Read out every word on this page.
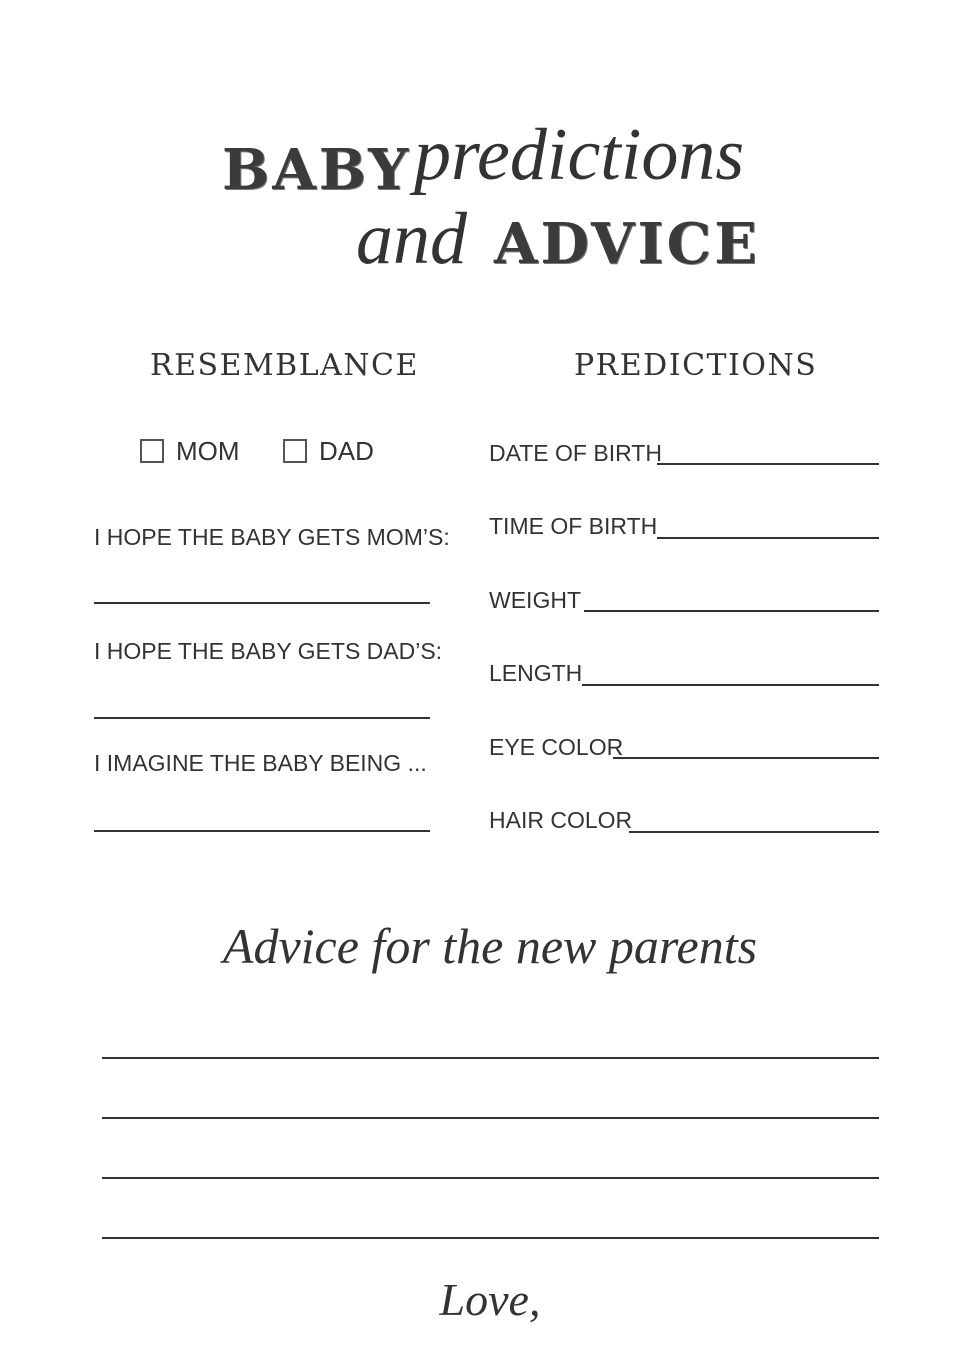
BABY predictions
and ADVICE
RESEMBLANCE	PREDICTIONS
MOM	DAD
I HOPE THE BABY GETS MOM’S:
I HOPE THE BABY GETS DAD’S:
I IMAGINE THE BABY BEING ...
DATE OF BIRTH
TIME OF BIRTH
WEIGHT
LENGTH
EYE COLOR
HAIR COLOR
Advice for the new parents
Love,
